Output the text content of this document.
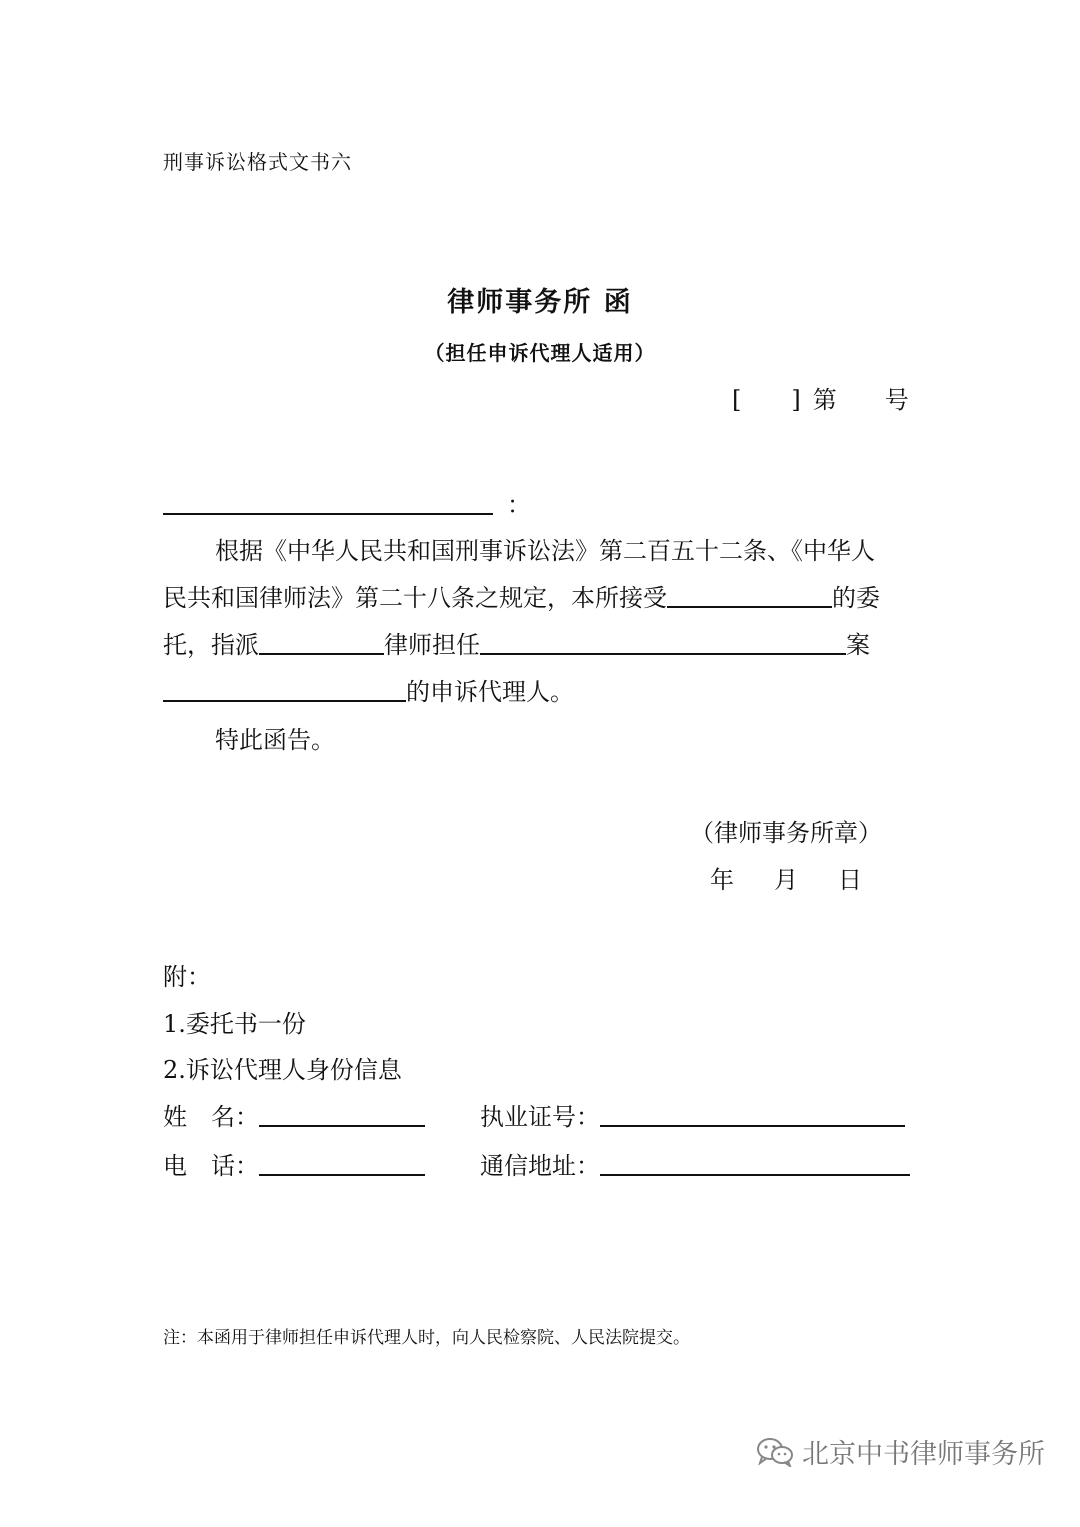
刑事诉讼格式文书六
律师事务所 函
（担任申诉代理人适用）
[ ] 第 号
：
根据《中华人民共和国刑事诉讼法》第二百五十二条、《中华人
民共和国律师法》第二十八条之规定，本所接受	的委
托，指派	律师担任	案
的申诉代理人。
特此函告。
（律师事务所章）
年 月 日
附：
1.委托书一份
2.诉讼代理人身份信息
姓　名：	执业证号：
电　话：	通信地址：
注：本函用于律师担任申诉代理人时，向人民检察院、人民法院提交。
北京中书律师事务所
